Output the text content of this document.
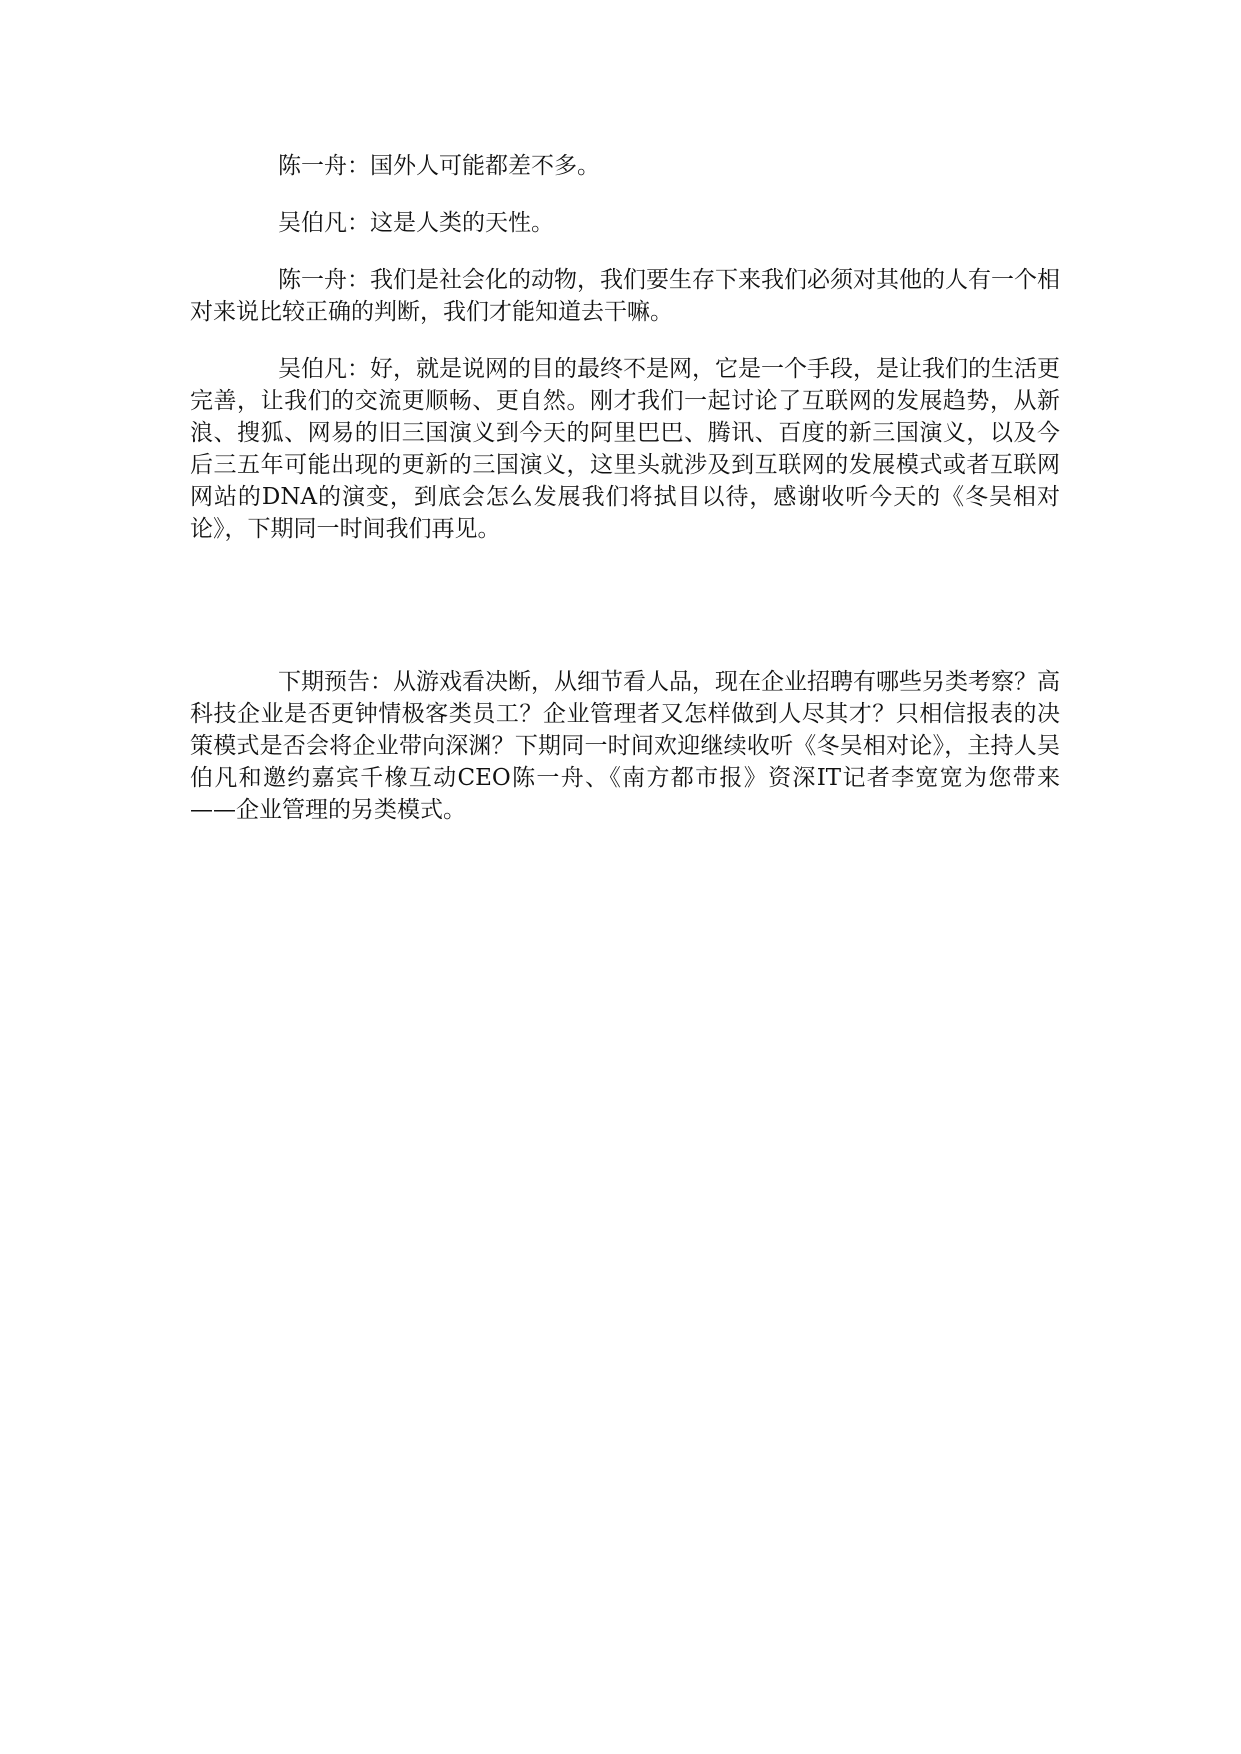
陈一舟：国外人可能都差不多。

吴伯凡：这是人类的天性。

陈一舟：我们是社会化的动物，我们要生存下来我们必须对其他的人有一个相对来说比较正确的判断，我们才能知道去干嘛。

吴伯凡：好，就是说网的目的最终不是网，它是一个手段，是让我们的生活更完善，让我们的交流更顺畅、更自然。刚才我们一起讨论了互联网的发展趋势，从新浪、搜狐、网易的旧三国演义到今天的阿里巴巴、腾讯、百度的新三国演义，以及今后三五年可能出现的更新的三国演义，这里头就涉及到互联网的发展模式或者互联网网站的DNA的演变，到底会怎么发展我们将拭目以待，感谢收听今天的《冬吴相对论》，下期同一时间我们再见。

下期预告：从游戏看决断，从细节看人品，现在企业招聘有哪些另类考察？高科技企业是否更钟情极客类员工？企业管理者又怎样做到人尽其才？只相信报表的决策模式是否会将企业带向深渊？下期同一时间欢迎继续收听《冬吴相对论》，主持人吴伯凡和邀约嘉宾千橡互动CEO陈一舟、《南方都市报》资深IT记者李宽宽为您带来——企业管理的另类模式。
